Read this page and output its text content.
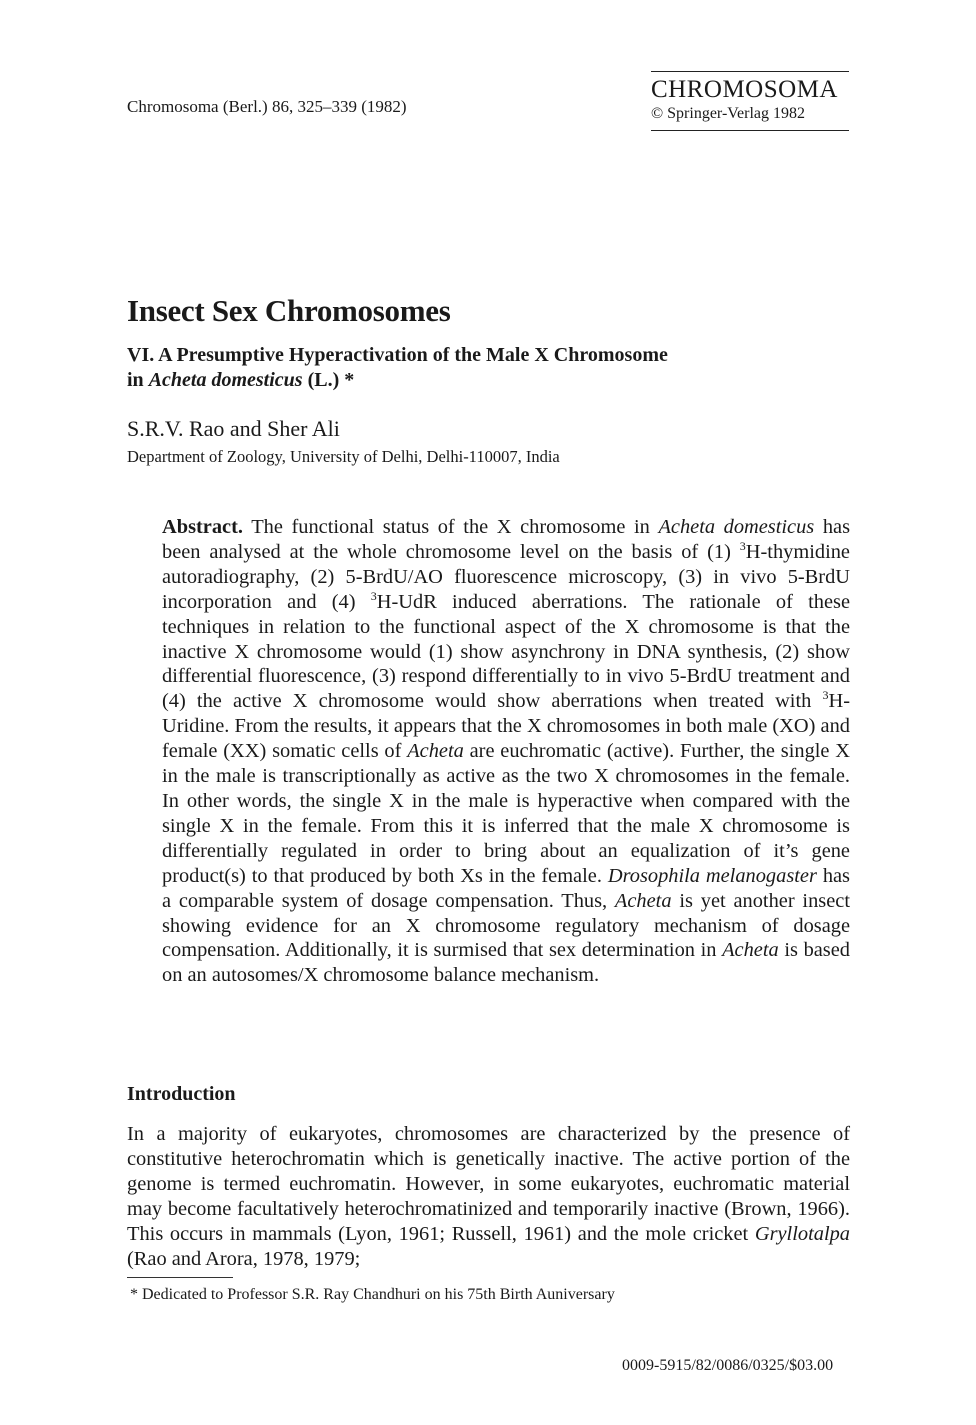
Chromosoma (Berl.) 86, 325–339 (1982)
CHROMOSOMA
© Springer-Verlag 1982
Insect Sex Chromosomes
VI. A Presumptive Hyperactivation of the Male X Chromosome
in Acheta domesticus (L.) *
S.R.V. Rao and Sher Ali
Department of Zoology, University of Delhi, Delhi-110007, India
Abstract. The functional status of the X chromosome in Acheta domesticus has been analysed at the whole chromosome level on the basis of (1) $^3$H-thymidine autoradiography, (2) 5-BrdU/AO fluorescence microscopy, (3) in vivo 5-BrdU incorporation and (4) $^3$H-UdR induced aberrations. The rationale of these techniques in relation to the functional aspect of the X chromosome is that the inactive X chromosome would (1) show asynchrony in DNA synthesis, (2) show differential fluorescence, (3) respond differentially to in vivo 5-BrdU treatment and (4) the active X chromosome would show aberrations when treated with $^3$H-Uridine. From the results, it appears that the X chromosomes in both male (XO) and female (XX) somatic cells of Acheta are euchromatic (active). Further, the single X in the male is transcriptionally as active as the two X chromosomes in the female. In other words, the single X in the male is hyperactive when compared with the single X in the female. From this it is inferred that the male X chromosome is differentially regulated in order to bring about an equalization of it’s gene product(s) to that produced by both Xs in the female. Drosophila melanogaster has a comparable system of dosage compensation. Thus, Acheta is yet another insect showing evidence for an X chromosome regulatory mechanism of dosage compensation. Additionally, it is surmised that sex determination in Acheta is based on an autosomes/X chromosome balance mechanism.
Introduction
In a majority of eukaryotes, chromosomes are characterized by the presence of constitutive heterochromatin which is genetically inactive. The active portion of the genome is termed euchromatin. However, in some eukaryotes, euchromatic material may become facultatively heterochromatinized and temporarily inactive (Brown, 1966). This occurs in mammals (Lyon, 1961; Russell, 1961) and the mole cricket Gryllotalpa (Rao and Arora, 1978, 1979;
* Dedicated to Professor S.R. Ray Chandhuri on his 75th Birth Auniversary
0009-5915/82/0086/0325/$03.00
